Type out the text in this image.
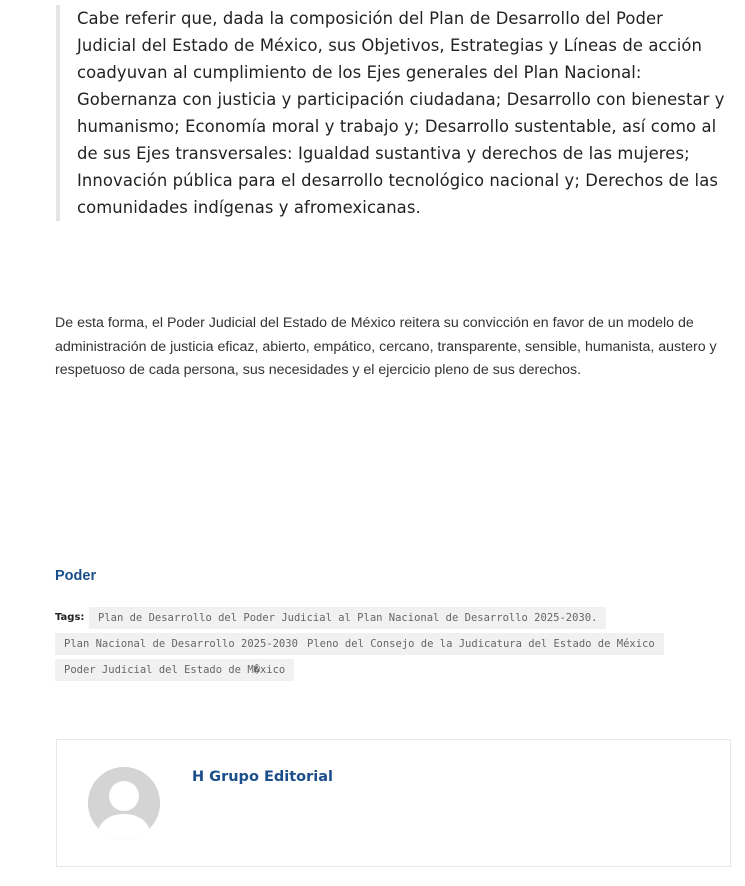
Cabe referir que, dada la composición del Plan de Desarrollo del Poder Judicial del Estado de México, sus Objetivos, Estrategias y Líneas de acción coadyuvan al cumplimiento de los Ejes generales del Plan Nacional: Gobernanza con justicia y participación ciudadana; Desarrollo con bienestar y humanismo; Economía moral y trabajo y; Desarrollo sustentable, así como al de sus Ejes transversales: Igualdad sustantiva y derechos de las mujeres; Innovación pública para el desarrollo tecnológico nacional y; Derechos de las comunidades indígenas y afromexicanas.

De esta forma, el Poder Judicial del Estado de México reitera su convicción en favor de un modelo de administración de justicia eficaz, abierto, empático, cercano, transparente, sensible, humanista, austero y respetuoso de cada persona, sus necesidades y el ejercicio pleno de sus derechos.

Poder
Tags:	Plan de Desarrollo del Poder Judicial al Plan Nacional de Desarrollo 2025-2030.
Plan Nacional de Desarrollo 2025-2030 Pleno del Consejo de la Judicatura del Estado de México
Poder Judicial del Estado de M�xico
H Grupo Editorial
